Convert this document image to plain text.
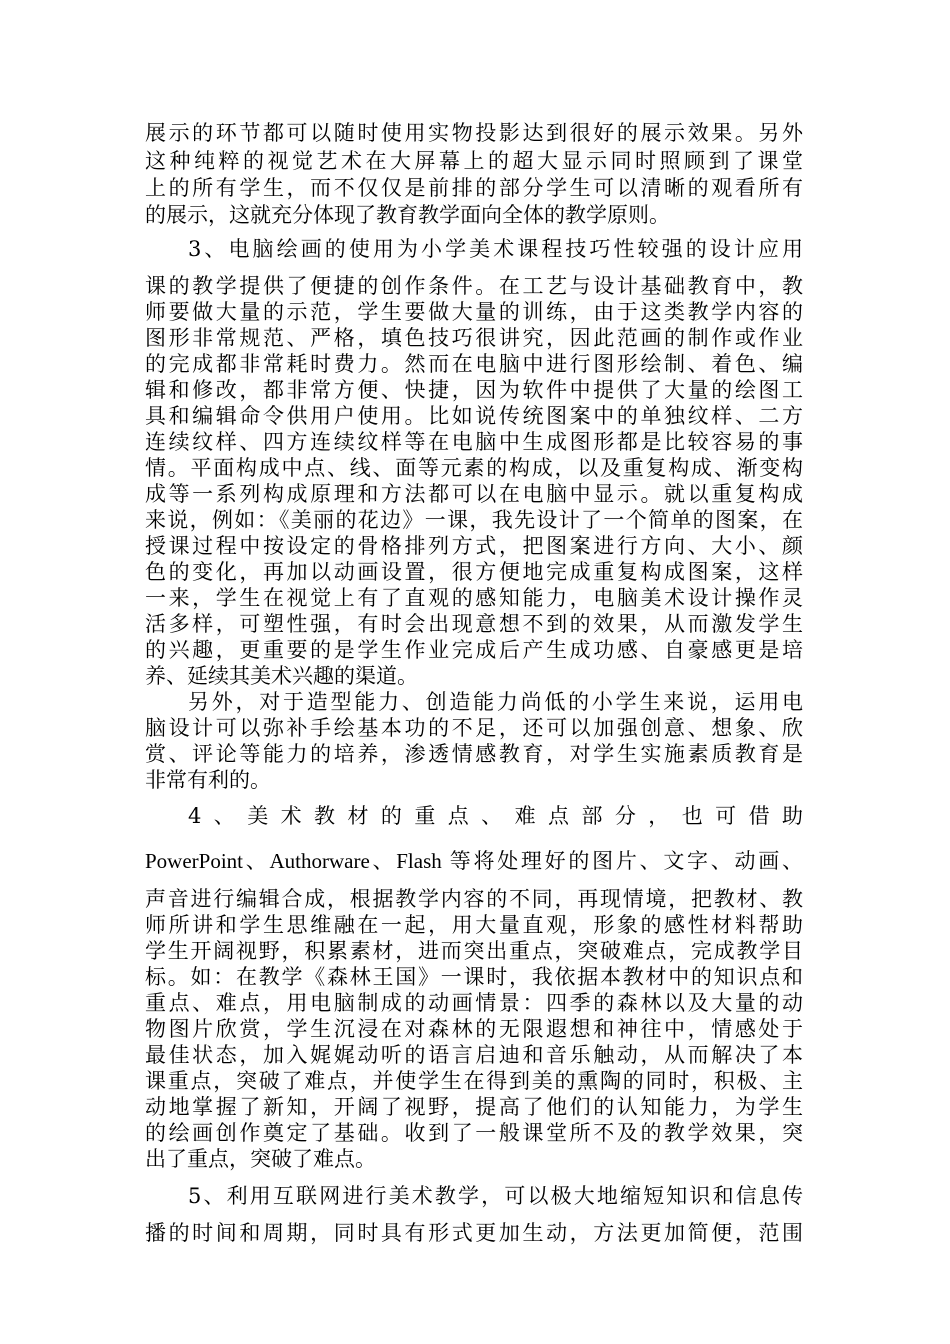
展示的环节都可以随时使用实物投影达到很好的展示效果。另外
这种纯粹的视觉艺术在大屏幕上的超大显示同时照顾到了课堂
上的所有学生，而不仅仅是前排的部分学生可以清晰的观看所有
的展示，这就充分体现了教育教学面向全体的教学原则。
3、电脑绘画的使用为小学美术课程技巧性较强的设计应用
课的教学提供了便捷的创作条件。在工艺与设计基础教育中，教
师要做大量的示范，学生要做大量的训练，由于这类教学内容的
图形非常规范、严格，填色技巧很讲究，因此范画的制作或作业
的完成都非常耗时费力。然而在电脑中进行图形绘制、着色、编
辑和修改，都非常方便、快捷，因为软件中提供了大量的绘图工
具和编辑命令供用户使用。比如说传统图案中的单独纹样、二方
连续纹样、四方连续纹样等在电脑中生成图形都是比较容易的事
情。平面构成中点、线、面等元素的构成，以及重复构成、渐变构
成等一系列构成原理和方法都可以在电脑中显示。就以重复构成
来说，例如：《美丽的花边》一课，我先设计了一个简单的图案，在
授课过程中按设定的骨格排列方式，把图案进行方向、大小、颜
色的变化，再加以动画设置，很方便地完成重复构成图案，这样
一来，学生在视觉上有了直观的感知能力，电脑美术设计操作灵
活多样，可塑性强，有时会出现意想不到的效果，从而激发学生
的兴趣，更重要的是学生作业完成后产生成功感、自豪感更是培
养、延续其美术兴趣的渠道。
另外，对于造型能力、创造能力尚低的小学生来说，运用电
脑设计可以弥补手绘基本功的不足，还可以加强创意、想象、欣
赏、评论等能力的培养，渗透情感教育，对学生实施素质教育是
非常有利的。
4、美术教材的重点、难点部分，也可借助
PowerPoint、Authorware、Flash 等将处理好的图片、文字、动画、
声音进行编辑合成，根据教学内容的不同，再现情境，把教材、教
师所讲和学生思维融在一起，用大量直观，形象的感性材料帮助
学生开阔视野，积累素材，进而突出重点，突破难点，完成教学目
标。如：在教学《森林王国》一课时，我依据本教材中的知识点和
重点、难点，用电脑制成的动画情景：四季的森林以及大量的动
物图片欣赏，学生沉浸在对森林的无限遐想和神往中，情感处于
最佳状态，加入娓娓动听的语言启迪和音乐触动，从而解决了本
课重点，突破了难点，并使学生在得到美的熏陶的同时，积极、主
动地掌握了新知，开阔了视野，提高了他们的认知能力，为学生
的绘画创作奠定了基础。收到了一般课堂所不及的教学效果，突
出了重点，突破了难点。
5、利用互联网进行美术教学，可以极大地缩短知识和信息传
播的时间和周期，同时具有形式更加生动，方法更加简便，范围
